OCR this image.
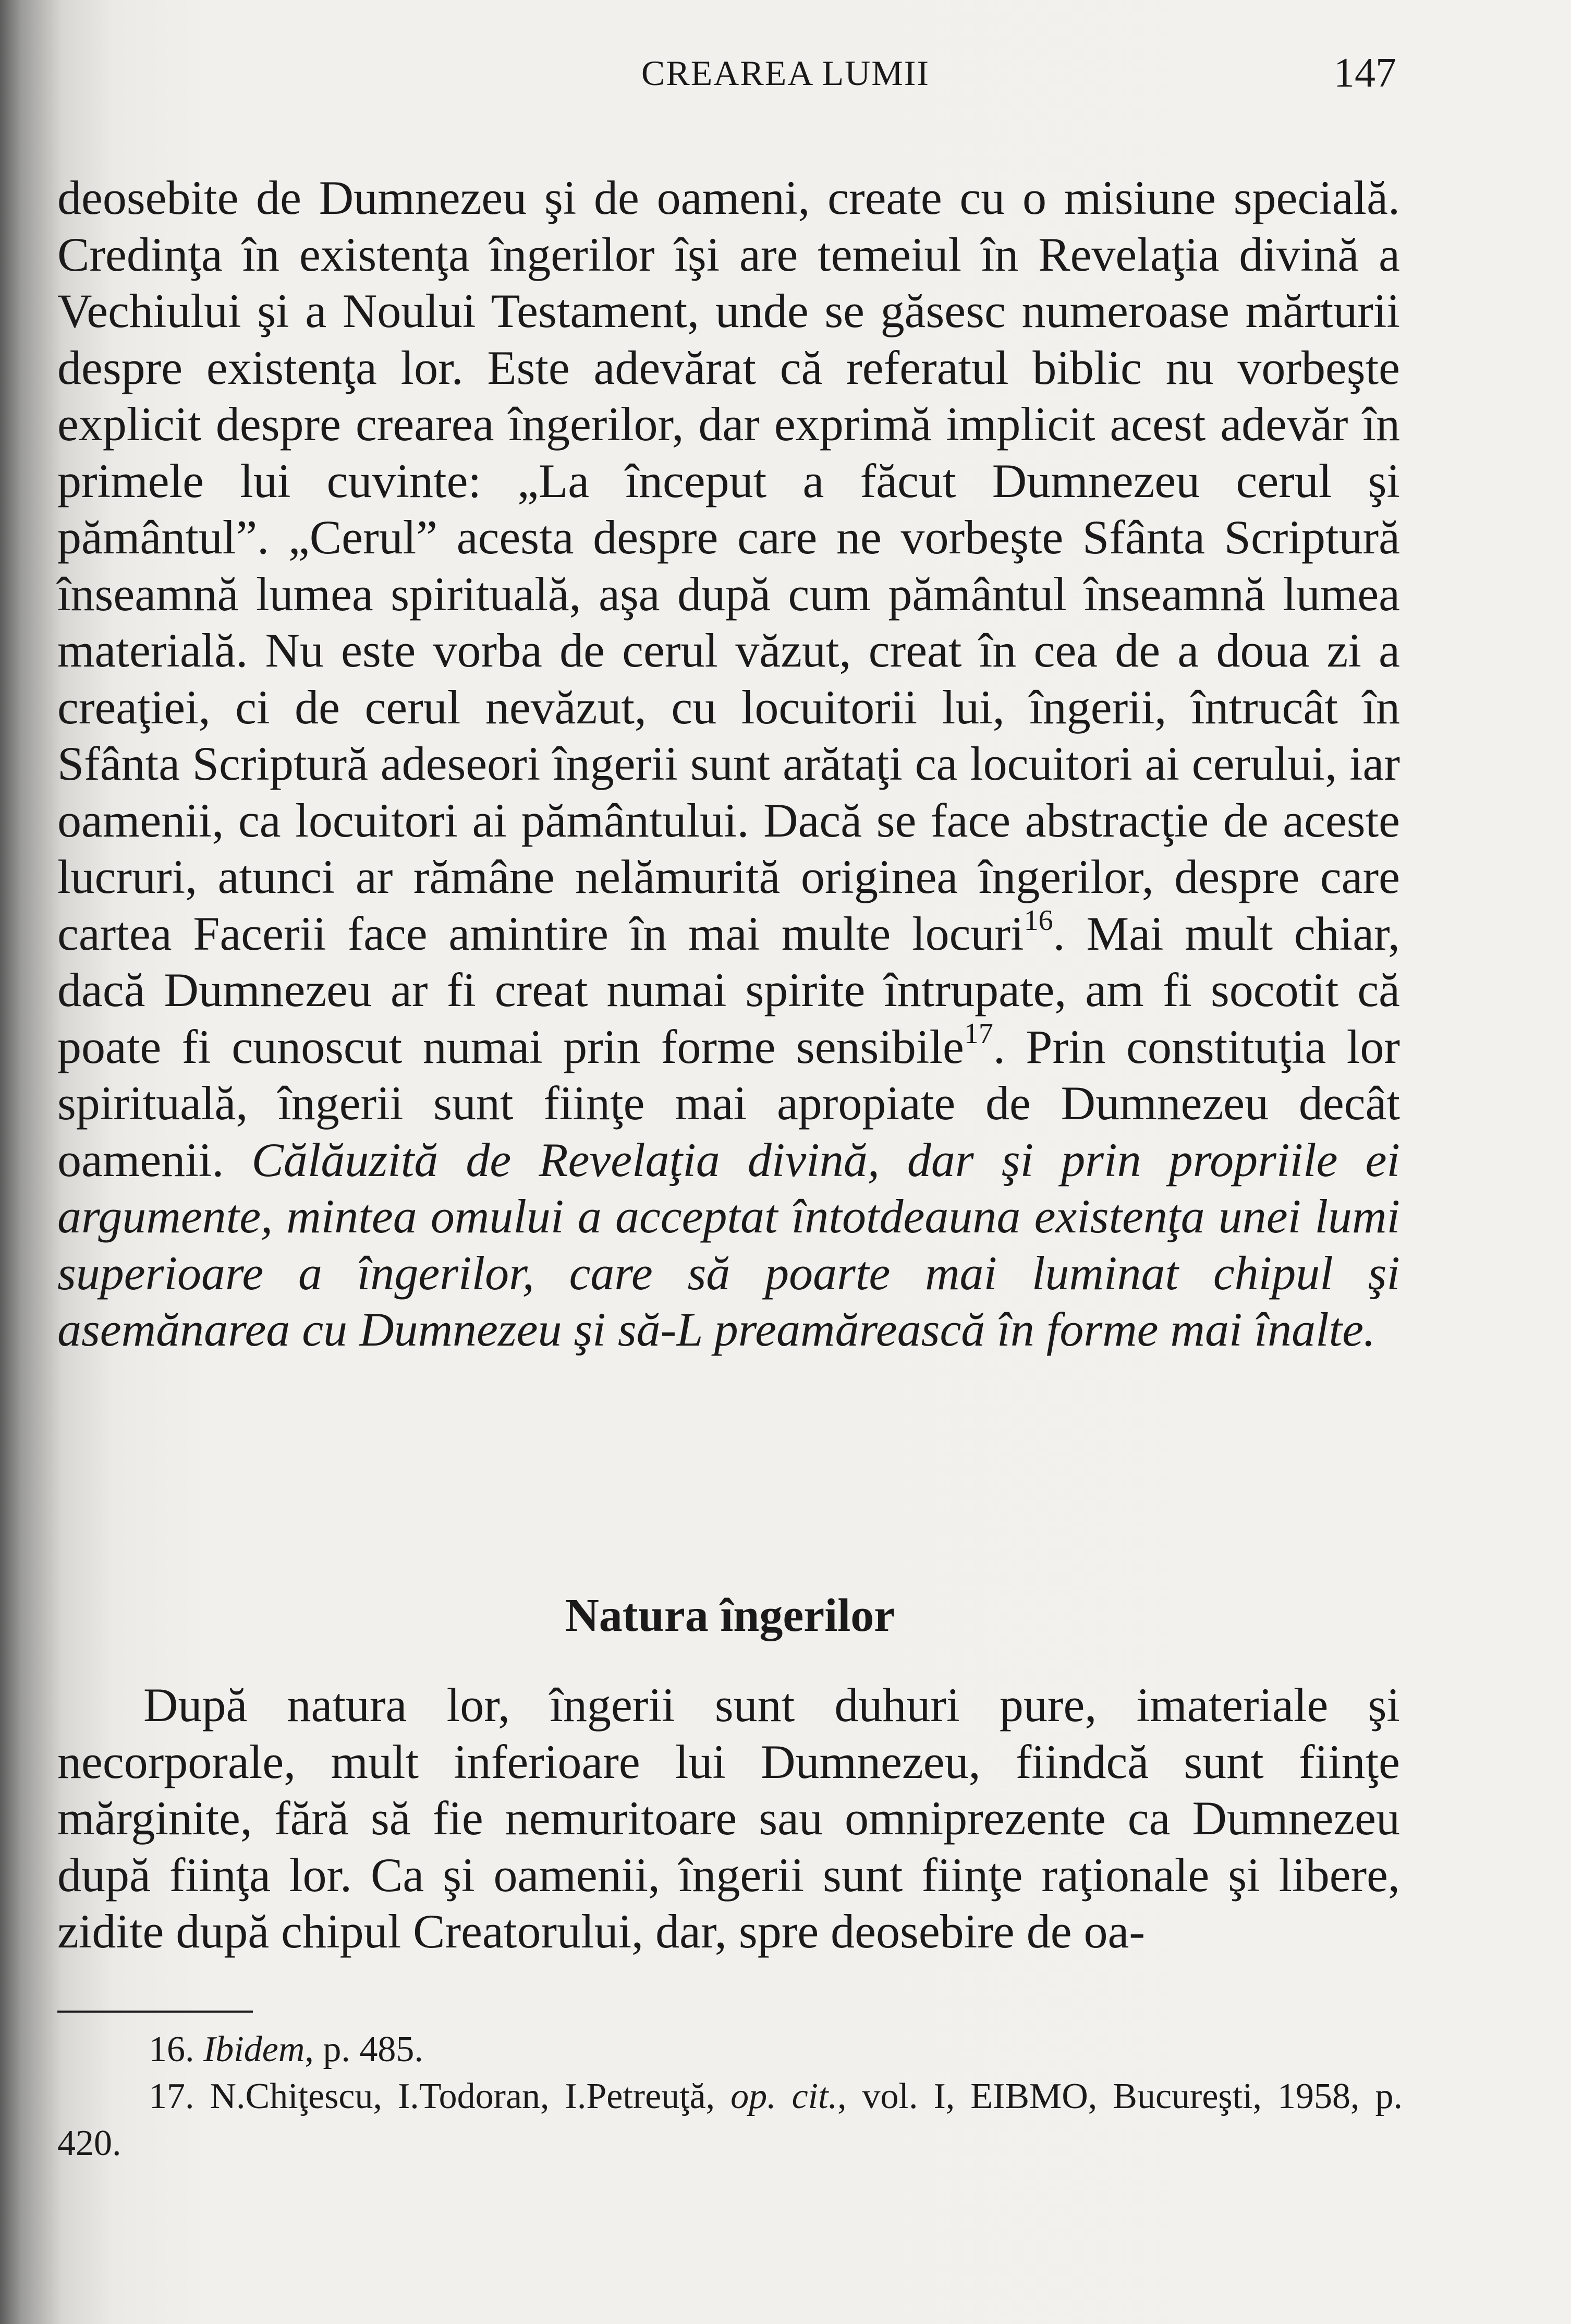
CREAREA LUMII	147

deosebite de Dumnezeu şi de oameni, create cu o misiune specială. Credinţa în existenţa îngerilor îşi are temeiul în Revelaţia divină a Vechiului şi a Noului Testament, unde se găsesc numeroase mărturii despre existenţa lor. Este adevărat că referatul biblic nu vorbeşte explicit despre crearea îngerilor, dar exprimă implicit acest adevăr în primele lui cuvinte: „La început a făcut Dumnezeu cerul şi pământul”. „Cerul” acesta despre care ne vorbeşte Sfânta Scriptură înseamnă lumea spirituală, aşa după cum pământul înseamnă lumea materială. Nu este vorba de cerul văzut, creat în cea de a doua zi a creaţiei, ci de cerul nevăzut, cu locuitorii lui, îngerii, întrucât în Sfânta Scriptură adeseori îngerii sunt arătaţi ca locuitori ai cerului, iar oamenii, ca locuitori ai pământului. Dacă se face abstracţie de aceste lucruri, atunci ar rămâne nelămurită originea îngerilor, despre care cartea Facerii face amintire în mai multe locuri$^{16}$. Mai mult chiar, dacă Dumnezeu ar fi creat numai spirite întrupate, am fi socotit că poate fi cunoscut numai prin forme sensibile$^{17}$. Prin constituţia lor spirituală, îngerii sunt fiinţe mai apropiate de Dumnezeu decât oamenii. Călăuzită de Revelaţia divină, dar şi prin propriile ei argumente, mintea omului a acceptat întotdeauna existenţa unei lumi superioare a îngerilor, care să poarte mai luminat chipul şi asemănarea cu Dumnezeu şi să-L preamărească în forme mai înalte.

Natura îngerilor

După natura lor, îngerii sunt duhuri pure, imateriale şi necorporale, mult inferioare lui Dumnezeu, fiindcă sunt fiinţe mărginite, fără să fie nemuritoare sau omniprezente ca Dumnezeu după fiinţa lor. Ca şi oamenii, îngerii sunt fiinţe raţionale şi libere, zidite după chipul Creatorului, dar, spre deosebire de oa-

16. Ibidem, p. 485.

17. N.Chiţescu, I.Todoran, I.Petreuţă, op. cit., vol. I, EIBMO, Bucureşti, 1958, p. 420.
